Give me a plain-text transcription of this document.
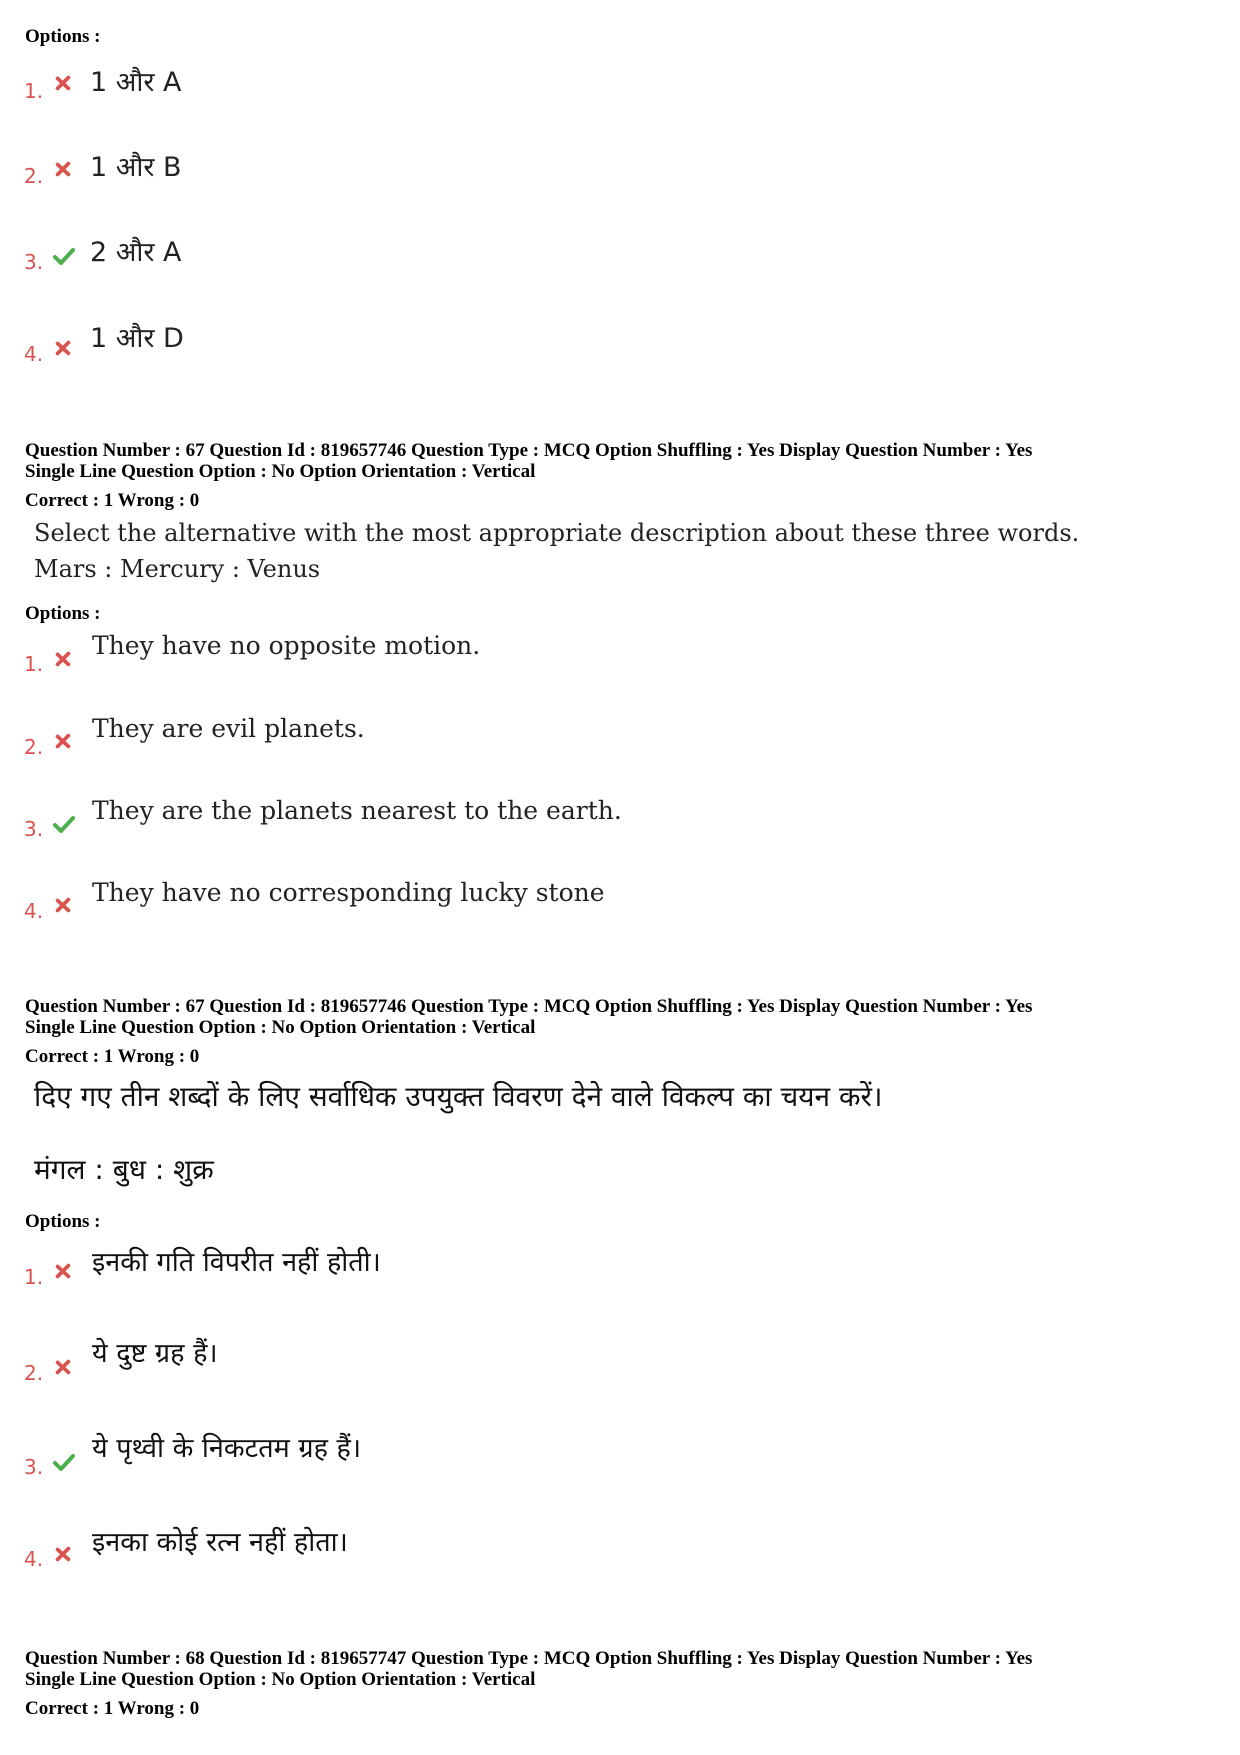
Options :
1. 1 और A
2. 1 और B
3. 2 और A
4. 1 और D
Question Number : 67 Question Id : 819657746 Question Type : MCQ Option Shuffling : Yes Display Question Number : Yes
Single Line Question Option : No Option Orientation : Vertical
Correct : 1 Wrong : 0
Select the alternative with the most appropriate description about these three words.
Mars : Mercury : Venus
Options :
1.
They have no opposite motion.
2.
They are evil planets.
3.
They are the planets nearest to the earth.
4.
They have no corresponding lucky stone
Question Number : 67 Question Id : 819657746 Question Type : MCQ Option Shuffling : Yes Display Question Number : Yes
Single Line Question Option : No Option Orientation : Vertical
Correct : 1 Wrong : 0
दिए गए तीन शब्दों के लिए सर्वाधिक उपयुक्त विवरण देने वाले विकल्प का चयन करें।
मंगल : बुध : शुक्र
Options :
1. इनकी गति विपरीत नहीं होती।
2.
ये दुष्ट ग्रह हैं।
3.
ये पृथ्वी के निकटतम ग्रह हैं।
4.
इनका कोई रत्न नहीं होता।
Question Number : 68 Question Id : 819657747 Question Type : MCQ Option Shuffling : Yes Display Question Number : Yes
Single Line Question Option : No Option Orientation : Vertical
Correct : 1 Wrong : 0
